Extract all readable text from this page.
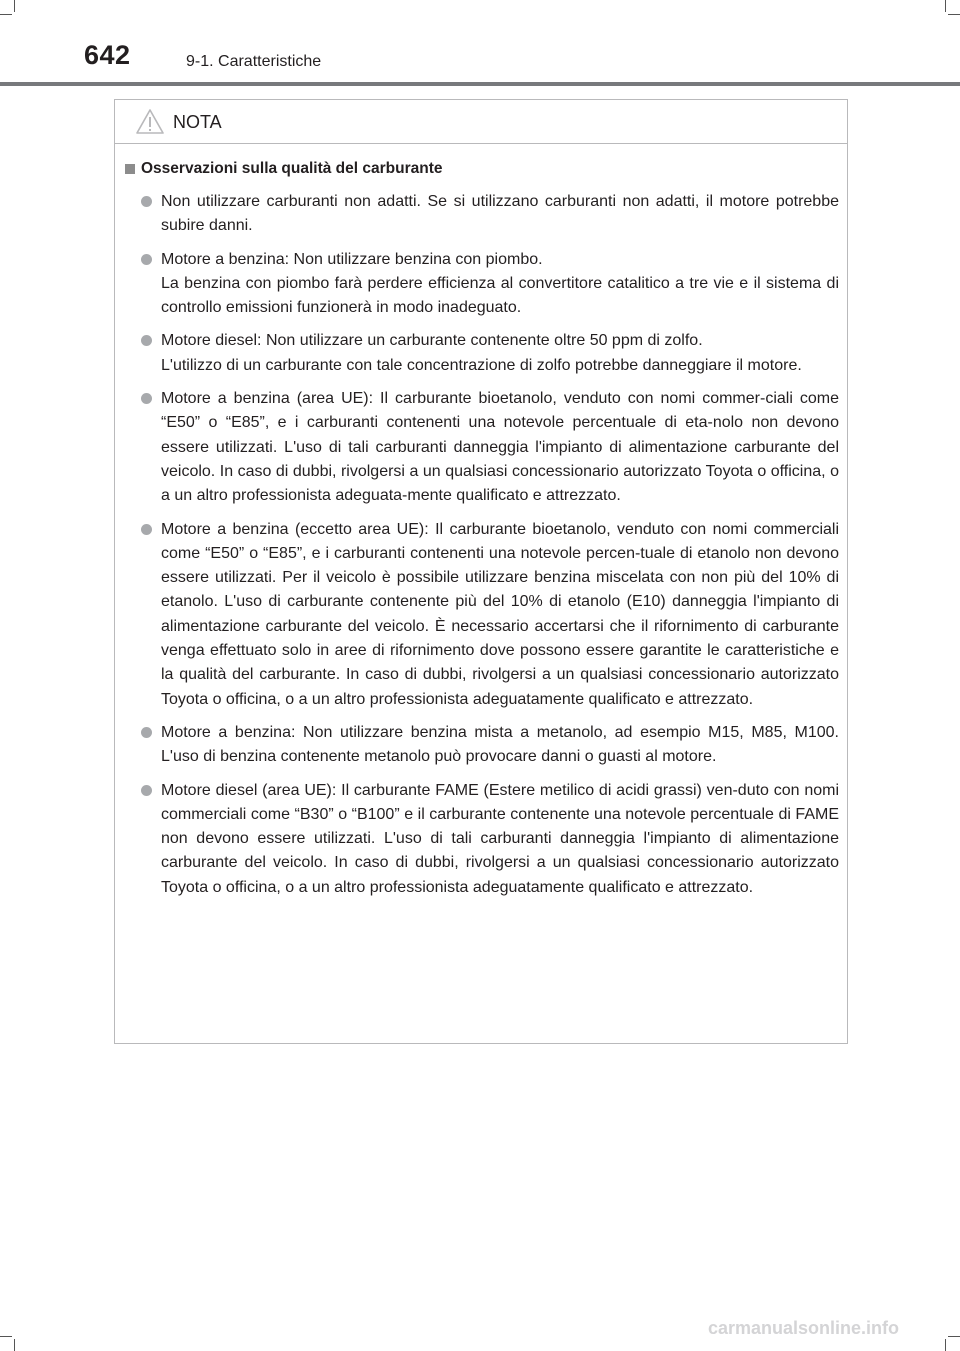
642	9-1. Caratteristiche
NOTA
Osservazioni sulla qualità del carburante

Non utilizzare carburanti non adatti. Se si utilizzano carburanti non adatti, il motore potrebbe subire danni.

Motore a benzina: Non utilizzare benzina con piombo.

La benzina con piombo farà perdere efficienza al convertitore catalitico a tre vie e il sistema di controllo emissioni funzionerà in modo inadeguato.

Motore diesel: Non utilizzare un carburante contenente oltre 50 ppm di zolfo.

L'utilizzo di un carburante con tale concentrazione di zolfo potrebbe danneggiare il motore.

Motore a benzina (area UE): Il carburante bioetanolo, venduto con nomi commer-ciali come “E50” o “E85”, e i carburanti contenenti una notevole percentuale di eta-nolo non devono essere utilizzati. L'uso di tali carburanti danneggia l'impianto di alimentazione carburante del veicolo. In caso di dubbi, rivolgersi a un qualsiasi concessionario autorizzato Toyota o officina, o a un altro professionista adeguata-mente qualificato e attrezzato.

Motore a benzina (eccetto area UE): Il carburante bioetanolo, venduto con nomi commerciali come “E50” o “E85”, e i carburanti contenenti una notevole percen-tuale di etanolo non devono essere utilizzati. Per il veicolo è possibile utilizzare benzina miscelata con non più del 10% di etanolo. L'uso di carburante contenente più del 10% di etanolo (E10) danneggia l'impianto di alimentazione carburante del veicolo. È necessario accertarsi che il rifornimento di carburante venga effettuato solo in aree di rifornimento dove possono essere garantite le caratteristiche e la qualità del carburante. In caso di dubbi, rivolgersi a un qualsiasi concessionario autorizzato Toyota o officina, o a un altro professionista adeguatamente qualificato e attrezzato.

Motore a benzina: Non utilizzare benzina mista a metanolo, ad esempio M15, M85, M100. L'uso di benzina contenente metanolo può provocare danni o guasti al motore.

Motore diesel (area UE): Il carburante FAME (Estere metilico di acidi grassi) ven-duto con nomi commerciali come “B30” o “B100” e il carburante contenente una notevole percentuale di FAME non devono essere utilizzati. L'uso di tali carburanti danneggia l'impianto di alimentazione carburante del veicolo. In caso di dubbi, rivolgersi a un qualsiasi concessionario autorizzato Toyota o officina, o a un altro professionista adeguatamente qualificato e attrezzato.

carmanualsonline.info
